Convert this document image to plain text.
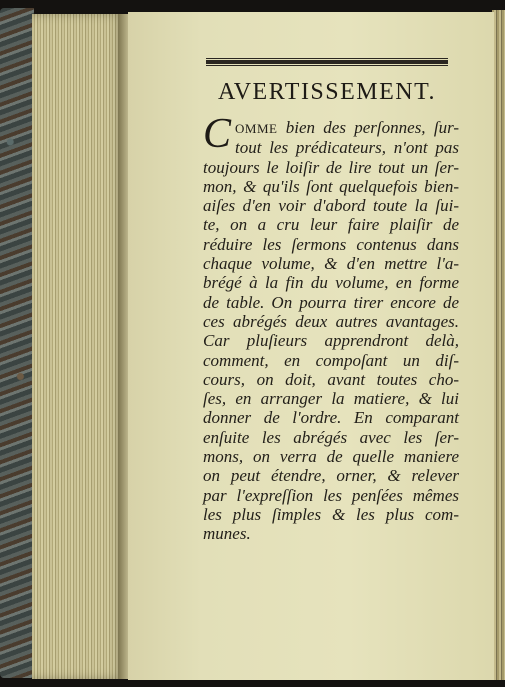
AVERTISSEMENT.
C OMME bien des perſonnes, ſur-
tout les prédicateurs, n'ont pas
toujours le loiſir de lire tout un ſer-
mon, & qu'ils ſont quelquefois bien-
aiſes d'en voir d'abord toute la ſui-
te, on a cru leur faire plaiſir de
réduire les ſermons contenus dans
chaque volume, & d'en mettre l'a-
brégé à la fin du volume, en forme
de table. On pourra tirer encore de
ces abrégés deux autres avantages.
Car pluſieurs apprendront delà,
comment, en compoſant un diſ-
cours, on doit, avant toutes cho-
ſes, en arranger la matiere, & lui
donner de l'ordre. En comparant
enſuite les abrégés avec les ſer-
mons, on verra de quelle maniere
on peut étendre, orner, & relever
par l'expreſſion les penſées mêmes
les plus ſimples & les plus com-
munes.
